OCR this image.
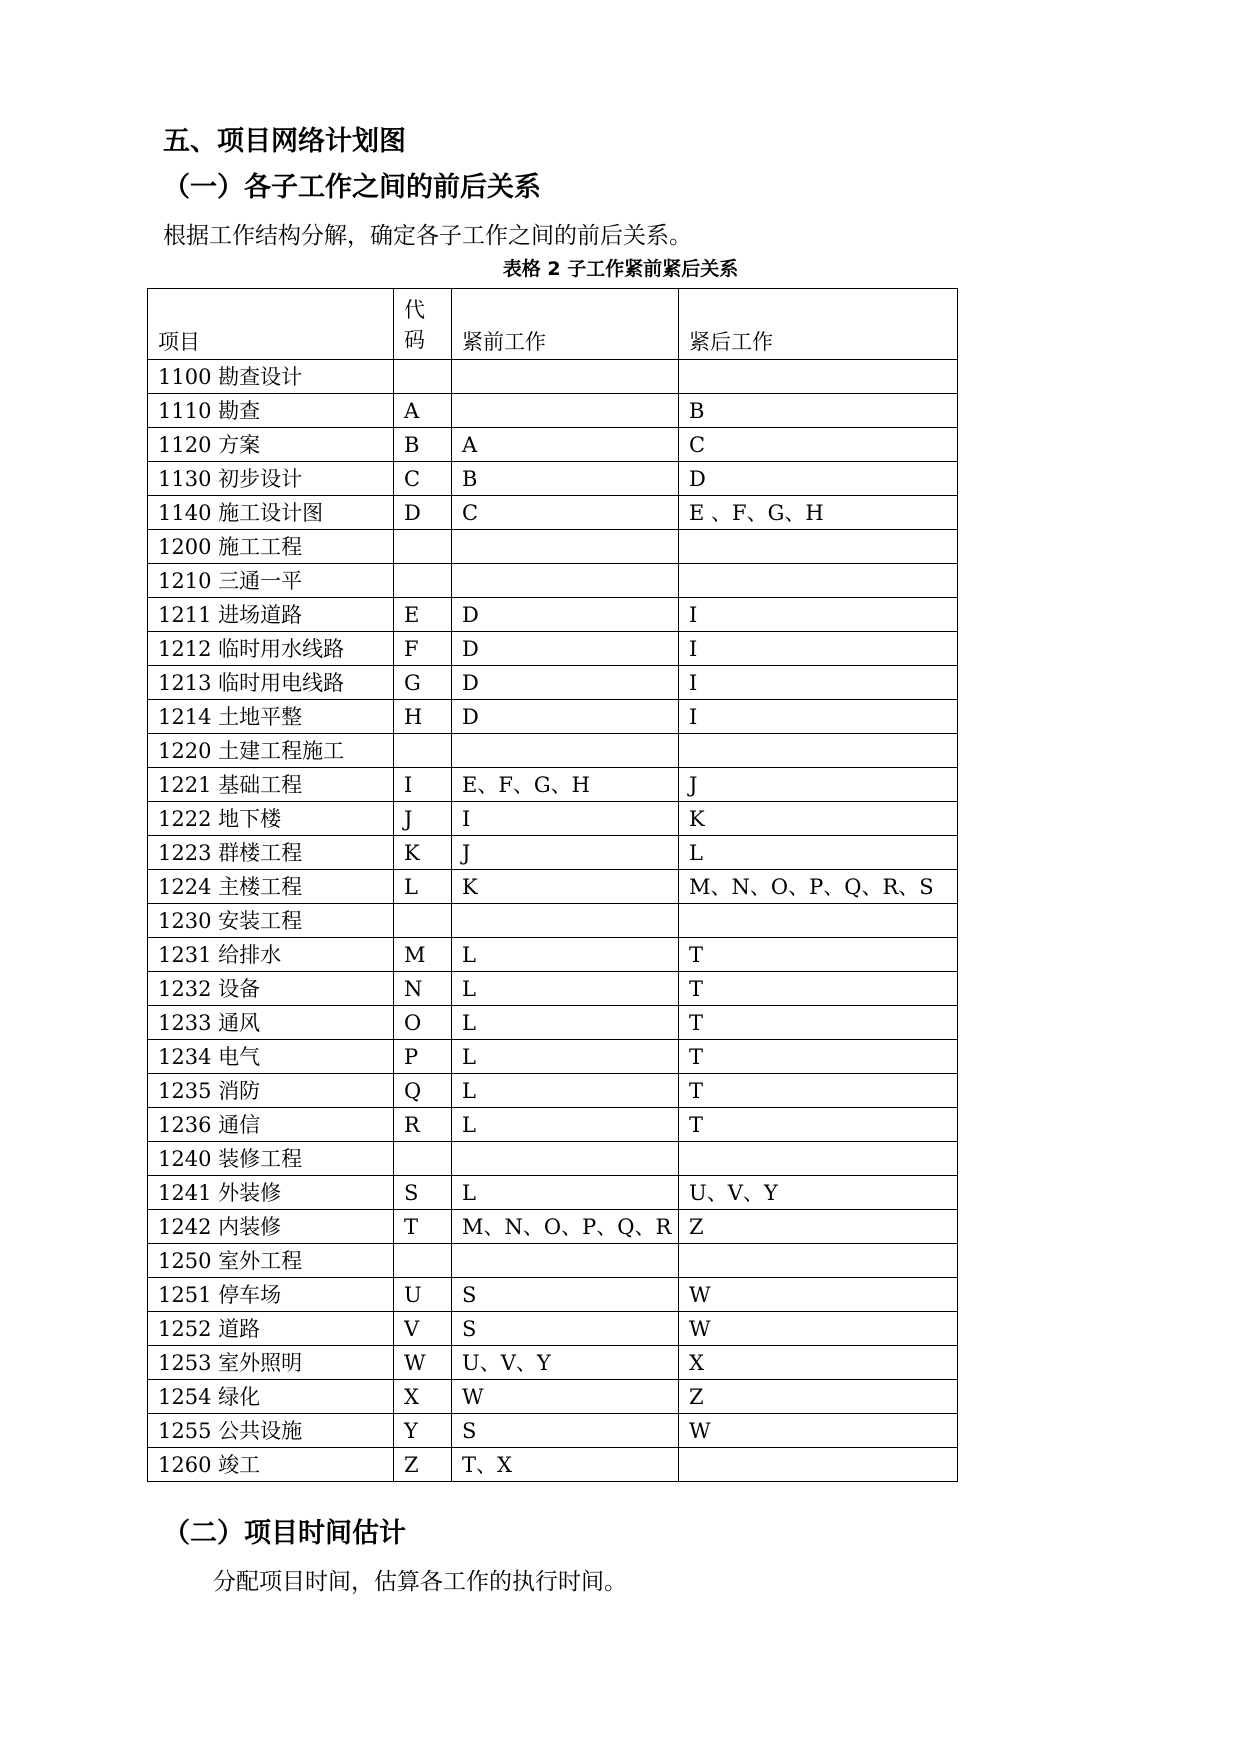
五、项目网络计划图
（一）各子工作之间的前后关系
根据工作结构分解，确定各子工作之间的前后关系。
表格 2 子工作紧前紧后关系
项目	代码	紧前工作	紧后工作
1100 勘查设计			
1110 勘查	A		B
1120 方案	B	A	C
1130 初步设计	C	B	D
1140 施工设计图	D	C	E 、F、G、H
1200 施工工程			
1210 三通一平			
1211 进场道路	E	D	I
1212 临时用水线路	F	D	I
1213 临时用电线路	G	D	I
1214 土地平整	H	D	I
1220 土建工程施工			
1221 基础工程	I	E、F、G、H	J
1222 地下楼	J	I	K
1223 群楼工程	K	J	L
1224 主楼工程	L	K	M、N、O、P、Q、R、S
1230 安装工程			
1231 给排水	M	L	T
1232 设备	N	L	T
1233 通风	O	L	T
1234 电气	P	L	T
1235 消防	Q	L	T
1236 通信	R	L	T
1240 装修工程			
1241 外装修	S	L	U、V、Y
1242 内装修	T	M、N、O、P、Q、R	Z
1250 室外工程			
1251 停车场	U	S	W
1252 道路	V	S	W
1253 室外照明	W	U、V、Y	X
1254 绿化	X	W	Z
1255 公共设施	Y	S	W
1260 竣工	Z	T、X	
（二）项目时间估计
分配项目时间，估算各工作的执行时间。
